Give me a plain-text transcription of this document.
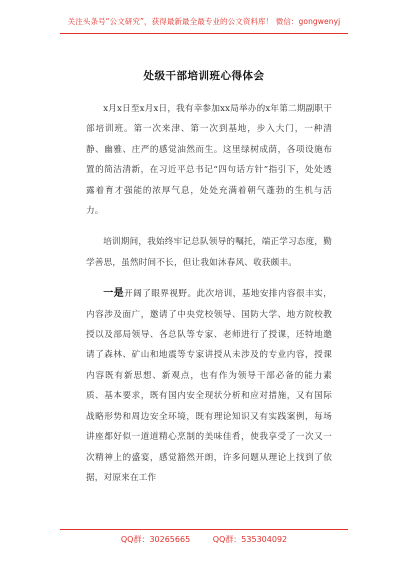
关注头条号“公文研究”，获得最新最全最专业的公文资料库！ 微信：gongwenyj
处级干部培训班心得体会

x月x日至x月x日，我有幸参加xx局举办的x年第二期副职干部培训班。第一次来津、第一次到基地，步入大门，一种清静、幽雅、庄严的感觉油然而生。这里绿树成荫，各项设施布置的简洁清新，在习近平总书记“四句话方针”指引下，处处透露着育才强能的浓厚气息，处处充满着朝气蓬勃的生机与活力。

培训期间，我始终牢记总队领导的嘱托，端正学习态度，勤学善思，虽然时间不长，但让我如沐春风、收获颇丰。

一是开阔了眼界视野。此次培训，基地安排内容很丰实，内容涉及面广，邀请了中央党校领导、国防大学、地方院校教授以及部局领导、各总队等专家、老师进行了授课，还特地邀请了森林、矿山和地震等专家讲授从未涉及的专业内容，授课内容既有新思想、新观点，也有作为领导干部必备的能力素质、基本要求，既有国内安全现状分析和应对措施，又有国际战略形势和周边安全环境，既有理论知识又有实践案例，每场讲座都好似一道道精心烹制的美味佳肴，使我享受了一次又一次精神上的盛宴，感觉豁然开朗，许多问题从理论上找到了依据，对原来在工作

QQ群：30265665	QQ群：535304092
